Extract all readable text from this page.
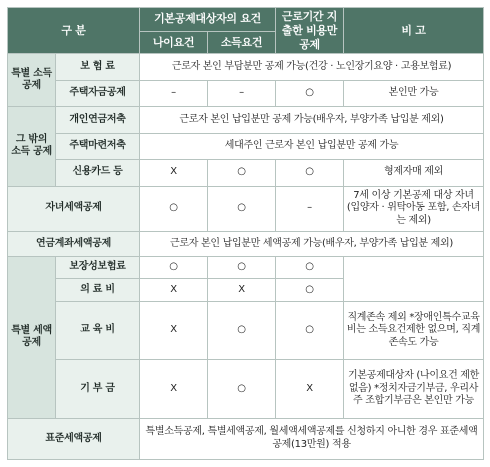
구 분		기본공제대상자의 요건		근로기간 지출한 비용만 공제	비 고
		나이요건	소득요건		
특별 소득 공제	보 험 료	근로자 본인 부담분만 공제 가능(건강 · 노인장기요양 · 고용보험료)			
	주택자금공제	–	–	○	본인만 가능
그 밖의 소득 공제	개인연금저축	근로자 본인 납입분만 공제 가능(배우자, 부양가족 납입분 제외)			
	주택마련저축	세대주인 근로자 본인 납입분만 공제 가능			
	신용카드 등	X	○	○	형제자매 제외
자녀세액공제		○	○	–	7세 이상 기본공제 대상 자녀 (입양자 · 위탁아동 포함, 손자녀는 제외)
연금계좌세액공제		근로자 본인 납입분만 세액공제 가능(배우자, 부양가족 납입분 제외)			
특별 세액 공제	보장성보험료	○	○	○	
	의 료 비	X	X	○	
	교 육 비	X	○	○	직계존속 제외 *장애인특수교육비는 소득요건제한 없으며, 직계존속도 가능
	기 부 금	X	○	X	기본공제대상자 (나이요건 제한 없음) *정치자금기부금, 우리사주 조합기부금은 본인만 가능
표준세액공제		특별소득공제, 특별세액공제, 월세액세액공제를 신청하지 아니한 경우 표준세액공제(13만원) 적용			
